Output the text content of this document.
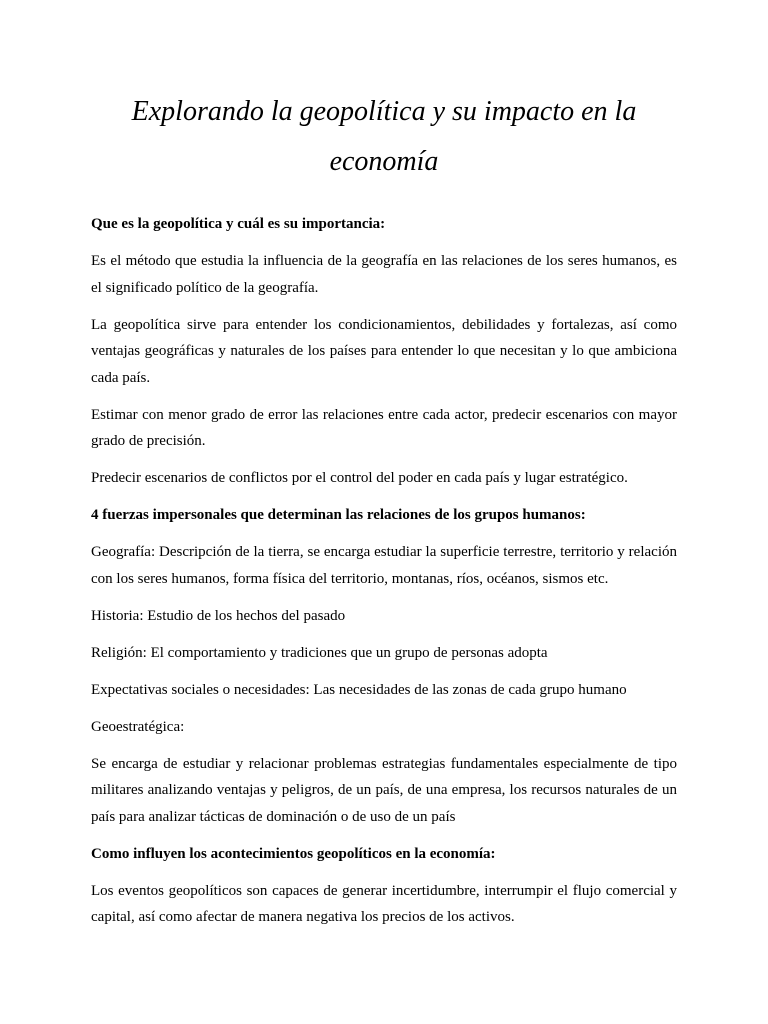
Explorando la geopolítica y su impacto en la economía

Que es la geopolítica y cuál es su importancia:

Es el método que estudia la influencia de la geografía en las relaciones de los seres humanos, es el significado político de la geografía.

La geopolítica sirve para entender los condicionamientos, debilidades y fortalezas, así como ventajas geográficas y naturales de los países para entender lo que necesitan y lo que ambiciona cada país.

Estimar con menor grado de error las relaciones entre cada actor, predecir escenarios con mayor grado de precisión.

Predecir escenarios de conflictos por el control del poder en cada país y lugar estratégico.

4 fuerzas impersonales que determinan las relaciones de los grupos humanos:

Geografía: Descripción de la tierra, se encarga estudiar la superficie terrestre, territorio y relación con los seres humanos, forma física del territorio, montanas, ríos, océanos, sismos etc.

Historia: Estudio de los hechos del pasado

Religión: El comportamiento y tradiciones que un grupo de personas adopta

Expectativas sociales o necesidades: Las necesidades de las zonas de cada grupo humano

Geoestratégica:

Se encarga de estudiar y relacionar problemas estrategias fundamentales especialmente de tipo militares analizando ventajas y peligros, de un país, de una empresa, los recursos naturales de un país para analizar tácticas de dominación o de uso de un país

Como influyen los acontecimientos geopolíticos en la economía:

Los eventos geopolíticos son capaces de generar incertidumbre, interrumpir el flujo comercial y capital, así como afectar de manera negativa los precios de los activos.
